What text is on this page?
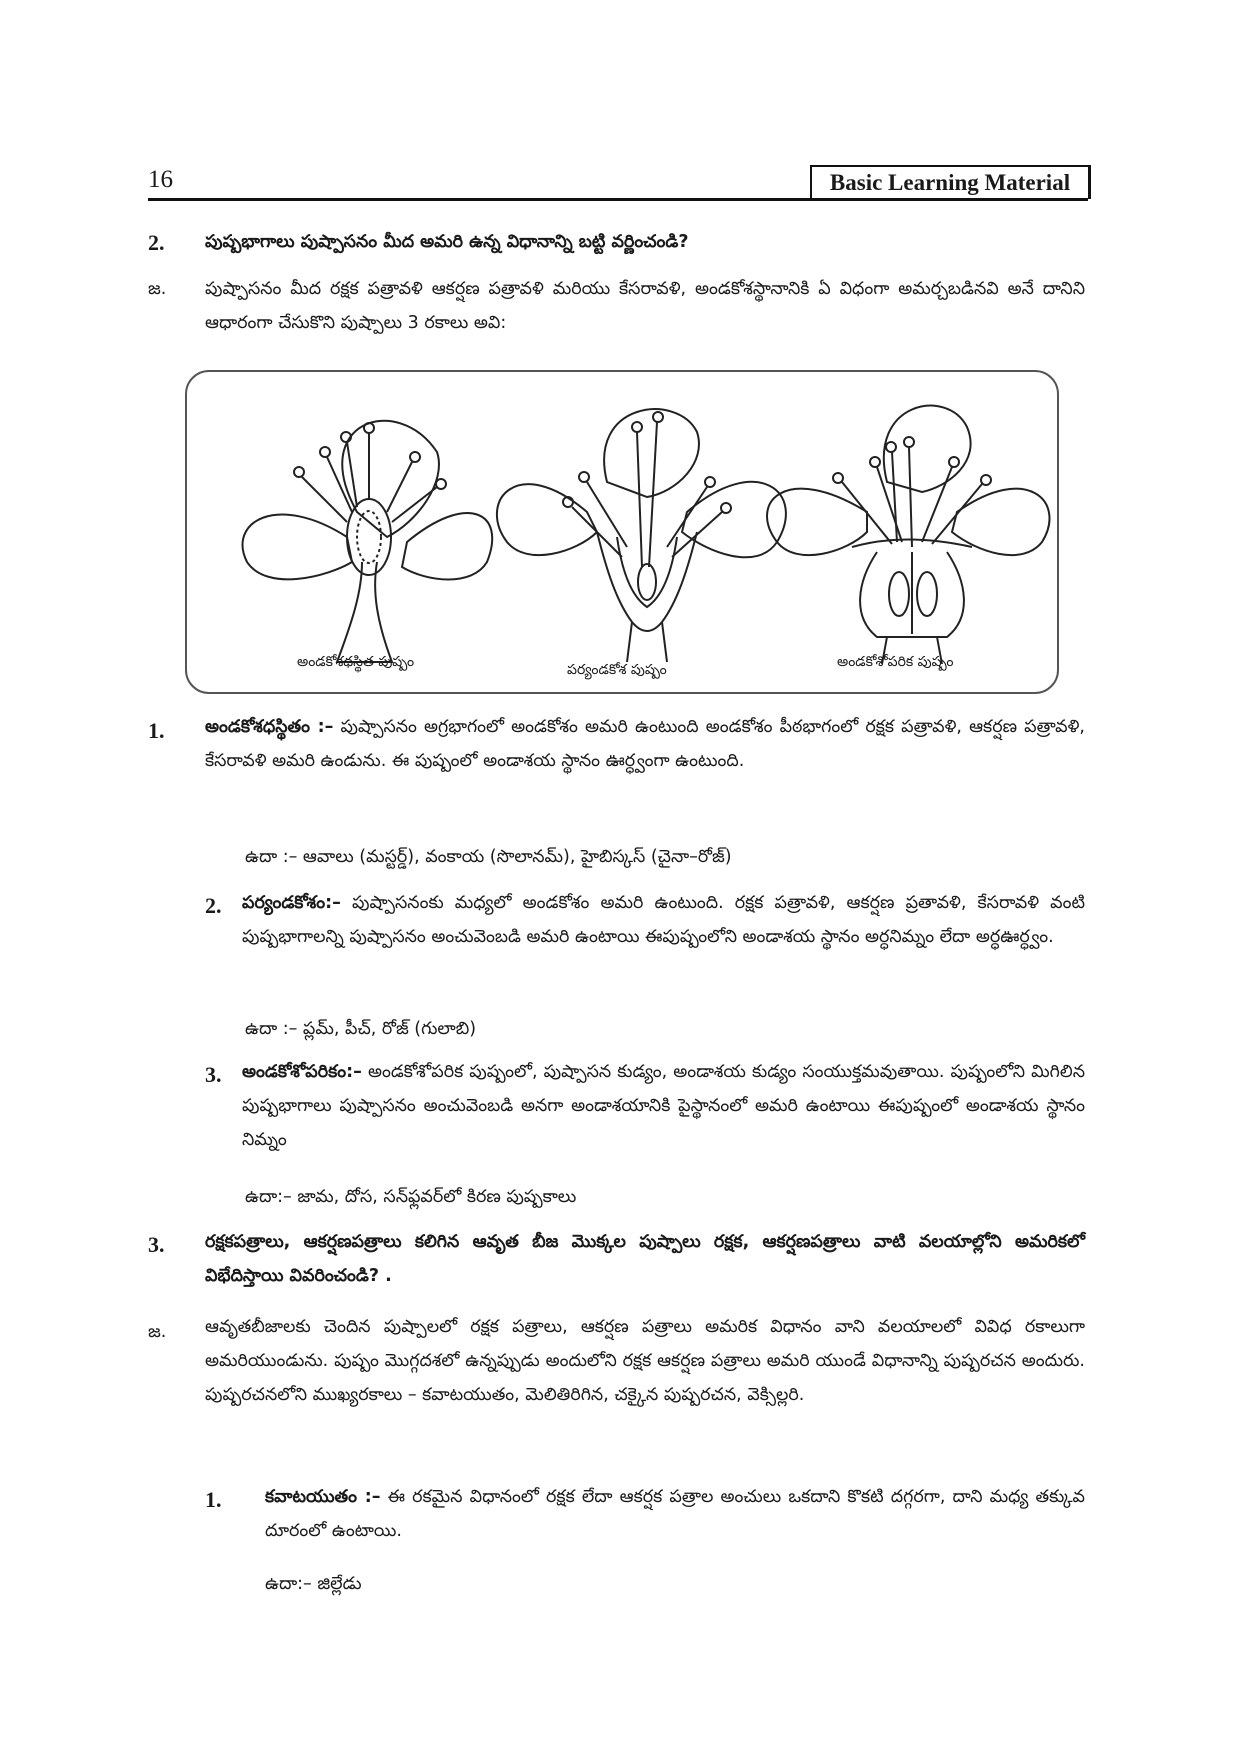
16	Basic Learning Material
2. పుష్పభాగాలు పుష్పాసనం మీద అమరి ఉన్న విధానాన్ని బట్టి వర్ణించండి?
జ. పుష్పాసనం మీద రక్షక పత్రావళి ఆకర్షణ పత్రావళి మరియు కేసరావళి, అండకోశస్థానానికి ఏ విధంగా అమర్చబడినవి అనే దానిని ఆధారంగా చేసుకొని పుష్పాలు 3 రకాలు అవి:
అండకోశధస్థిత పుష్పం	పర్యండకోశ పుష్పం	అండకోశోపరిక పుష్పం
1. అండకోశధస్థితం :– పుష్పాసనం అగ్రభాగంలో అండకోశం అమరి ఉంటుంది అండకోశం పీఠభాగంలో రక్షక పత్రావళి, ఆకర్షణ పత్రావళి, కేసరావళి అమరి ఉండును. ఈ పుష్పంలో అండాశయ స్థానం ఊర్ధ్వంగా ఉంటుంది.
ఉదా :– ఆవాలు (మస్టర్డ్), వంకాయ (సొలానమ్), హైబిస్కస్ (చైనా–రోజ్)
2. పర్యండకోశం:– పుష్పాసనంకు మధ్యలో అండకోశం అమరి ఉంటుంది. రక్షక పత్రావళి, ఆకర్షణ ప్రతావళి, కేసరావళి వంటి పుష్పభాగాలన్ని పుష్పాసనం అంచువెంబడి అమరి ఉంటాయి ఈపుష్పంలోని అండాశయ స్థానం అర్ధనిమ్నం లేదా అర్ధఊర్ధ్వం.
ఉదా :– ప్లమ్, పీచ్, రోజ్ (గులాబి)
3. అండకోశోపరికం:– అండకోశోపరిక పుష్పంలో, పుష్పాసన కుడ్యం, అండాశయ కుడ్యం సంయుక్తమవుతాయి. పుష్పంలోని మిగిలిన పుష్పభాగాలు పుష్పాసనం అంచువెంబడి అనగా అండాశయానికి పైస్థానంలో అమరి ఉంటాయి ఈపుష్పంలో అండాశయ స్థానం నిమ్నం
ఉదా:– జామ, దోస, సన్‌ఫ్లవర్‌లో కిరణ పుష్పకాలు
3. రక్షకపత్రాలు, ఆకర్షణపత్రాలు కలిగిన ఆవృత బీజ మొక్కల పుష్పాలు రక్షక, ఆకర్షణపత్రాలు వాటి వలయాల్లోని అమరికలో విభేదిస్తాయి వివరించండి? .
జ. ఆవృతబీజాలకు చెందిన పుష్పాలలో రక్షక పత్రాలు, ఆకర్షణ పత్రాలు అమరిక విధానం వాని వలయాలలో వివిధ రకాలుగా అమరియుండును. పుష్పం మొగ్గదశలో ఉన్నప్పుడు అందులోని రక్షక ఆకర్షణ పత్రాలు అమరి యుండే విధానాన్ని పుష్పరచన అందురు. పుష్పరచనలోని ముఖ్యరకాలు – కవాటయుతం, మెలితిరిగిన, చక్కైన పుష్పరచన, వెక్సిల్లరి.
1. కవాటయుతం :– ఈ రకమైన విధానంలో రక్షక లేదా ఆకర్షక పత్రాల అంచులు ఒకదాని కొకటి దగ్గరగా, దాని మధ్య తక్కువ దూరంలో ఉంటాయి.
ఉదా:– జిల్లేడు
